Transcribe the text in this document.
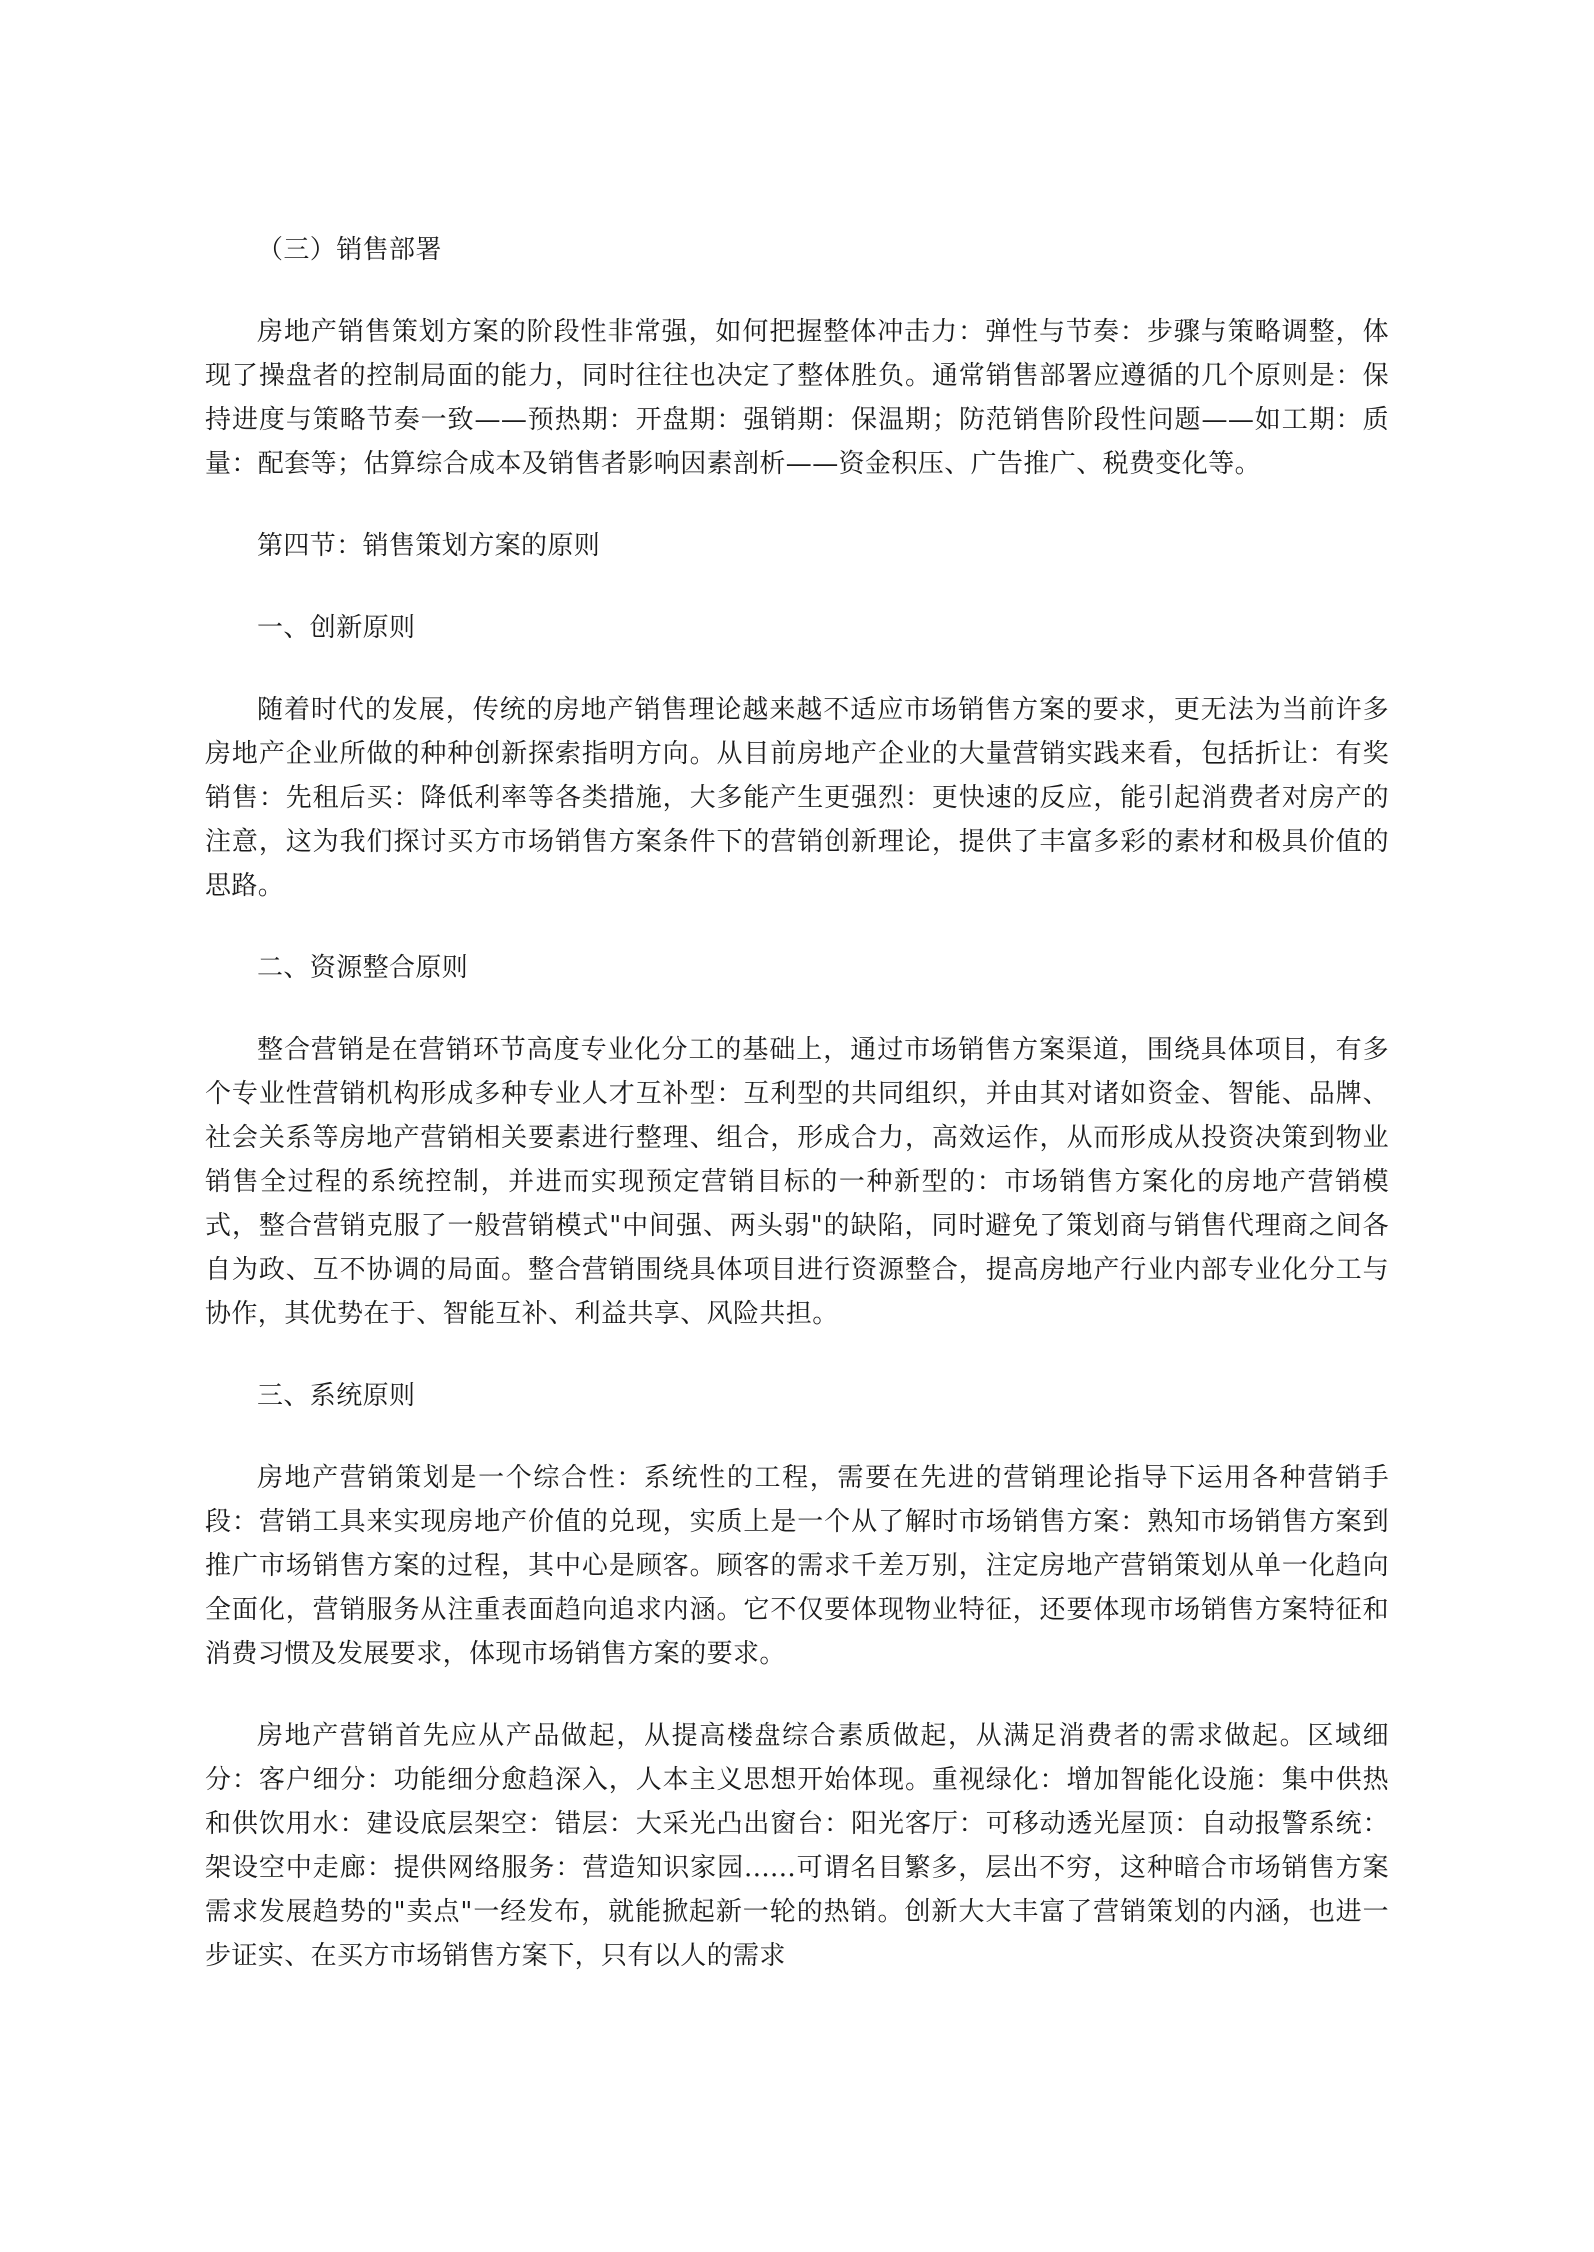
（三）销售部署

房地产销售策划方案的阶段性非常强，如何把握整体冲击力：弹性与节奏：步骤与策略调整，体现了操盘者的控制局面的能力，同时往往也决定了整体胜负。通常销售部署应遵循的几个原则是：保持进度与策略节奏一致——预热期：开盘期：强销期：保温期；防范销售阶段性问题——如工期：质量：配套等；估算综合成本及销售者影响因素剖析——资金积压、广告推广、税费变化等。

第四节：销售策划方案的原则

一、创新原则

随着时代的发展，传统的房地产销售理论越来越不适应市场销售方案的要求，更无法为当前许多房地产企业所做的种种创新探索指明方向。从目前房地产企业的大量营销实践来看，包括折让：有奖销售：先租后买：降低利率等各类措施，大多能产生更强烈：更快速的反应，能引起消费者对房产的注意，这为我们探讨买方市场销售方案条件下的营销创新理论，提供了丰富多彩的素材和极具价值的思路。

二、资源整合原则

整合营销是在营销环节高度专业化分工的基础上，通过市场销售方案渠道，围绕具体项目，有多个专业性营销机构形成多种专业人才互补型：互利型的共同组织，并由其对诸如资金、智能、品牌、社会关系等房地产营销相关要素进行整理、组合，形成合力，高效运作，从而形成从投资决策到物业销售全过程的系统控制，并进而实现预定营销目标的一种新型的：市场销售方案化的房地产营销模式，整合营销克服了一般营销模式"中间强、两头弱"的缺陷，同时避免了策划商与销售代理商之间各自为政、互不协调的局面。整合营销围绕具体项目进行资源整合，提高房地产行业内部专业化分工与协作，其优势在于、智能互补、利益共享、风险共担。

三、系统原则

房地产营销策划是一个综合性：系统性的工程，需要在先进的营销理论指导下运用各种营销手段：营销工具来实现房地产价值的兑现，实质上是一个从了解时市场销售方案：熟知市场销售方案到推广市场销售方案的过程，其中心是顾客。顾客的需求千差万别，注定房地产营销策划从单一化趋向全面化，营销服务从注重表面趋向追求内涵。它不仅要体现物业特征，还要体现市场销售方案特征和消费习惯及发展要求，体现市场销售方案的要求。

房地产营销首先应从产品做起，从提高楼盘综合素质做起，从满足消费者的需求做起。区域细分：客户细分：功能细分愈趋深入，人本主义思想开始体现。重视绿化：增加智能化设施：集中供热和供饮用水：建设底层架空：错层：大采光凸出窗台：阳光客厅：可移动透光屋顶：自动报警系统：架设空中走廊：提供网络服务：营造知识家园......可谓名目繁多，层出不穷，这种暗合市场销售方案需求发展趋势的"卖点"一经发布，就能掀起新一轮的热销。创新大大丰富了营销策划的内涵，也进一步证实、在买方市场销售方案下，只有以人的需求
